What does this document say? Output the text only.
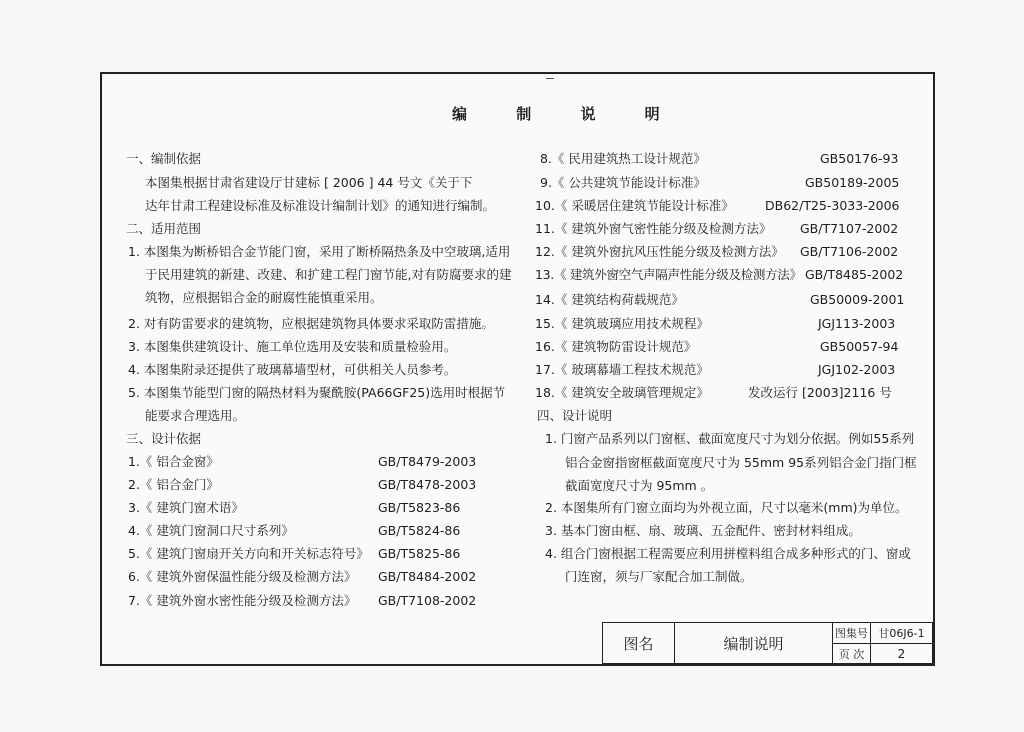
编 制 说 明
一、编制依据
本图集根据甘肃省建设厅甘建标 [ 2006 ] 44 号文《关于下
达年甘肃工程建设标准及标准设计编制计划》的通知进行编制。
二、适用范围
1. 本图集为断桥铝合金节能门窗，采用了断桥隔热条及中空玻璃,适用
于民用建筑的新建、改建、和扩建工程门窗节能,对有防腐要求的建
筑物，应根据铝合金的耐腐性能慎重采用。
2. 对有防雷要求的建筑物，应根据建筑物具体要求采取防雷措施。
3. 本图集供建筑设计、施工单位选用及安装和质量检验用。
4. 本图集附录还提供了玻璃幕墙型材，可供相关人员参考。
5. 本图集节能型门窗的隔热材料为聚酰胺(PA66GF25)选用时根据节
能要求合理选用。
三、设计依据
1.《 铝合金窗》	GB/T8479-2003
2.《 铝合金门》	GB/T8478-2003
3.《 建筑门窗术语》	GB/T5823-86
4.《 建筑门窗洞口尺寸系列》	GB/T5824-86
5.《 建筑门窗扇开关方向和开关标志符号》 GB/T5825-86
6.《 建筑外窗保温性能分级及检测方法》 GB/T8484-2002
7.《 建筑外窗水密性能分级及检测方法》 GB/T7108-2002
8.《 民用建筑热工设计规范》	GB50176-93
9.《 公共建筑节能设计标准》	GB50189-2005
10.《 采暖居住建筑节能设计标准》 DB62/T25-3033-2006
11.《 建筑外窗气密性能分级及检测方法》 GB/T7107-2002
12.《 建筑外窗抗风压性能分级及检测方法》 GB/T7106-2002
13.《 建筑外窗空气声隔声性能分级及检测方法》 GB/T8485-2002
14.《 建筑结构荷载规范》	GB50009-2001
15.《 建筑玻璃应用技术规程》	JGJ113-2003
16.《 建筑物防雷设计规范》	GB50057-94
17.《 玻璃幕墙工程技术规范》	JGJ102-2003
18.《 建筑安全玻璃管理规定》	发改运行 [2003]2116 号
四、设计说明
1. 门窗产品系列以门窗框、截面宽度尺寸为划分依据。例如55系列
铝合金窗指窗框截面宽度尺寸为 55mm 95系列铝合金门指门框
截面宽度尺寸为 95mm 。
2. 本图集所有门窗立面均为外视立面，尺寸以毫米(mm)为单位。
3. 基本门窗由框、扇、玻璃、五金配件、密封材料组成。
4. 组合门窗根据工程需要应利用拼樘料组合成多种形式的门、窗或
门连窗，须与厂家配合加工制做。
图名	编制说明
图集号 甘06J6-1
页 次	2
